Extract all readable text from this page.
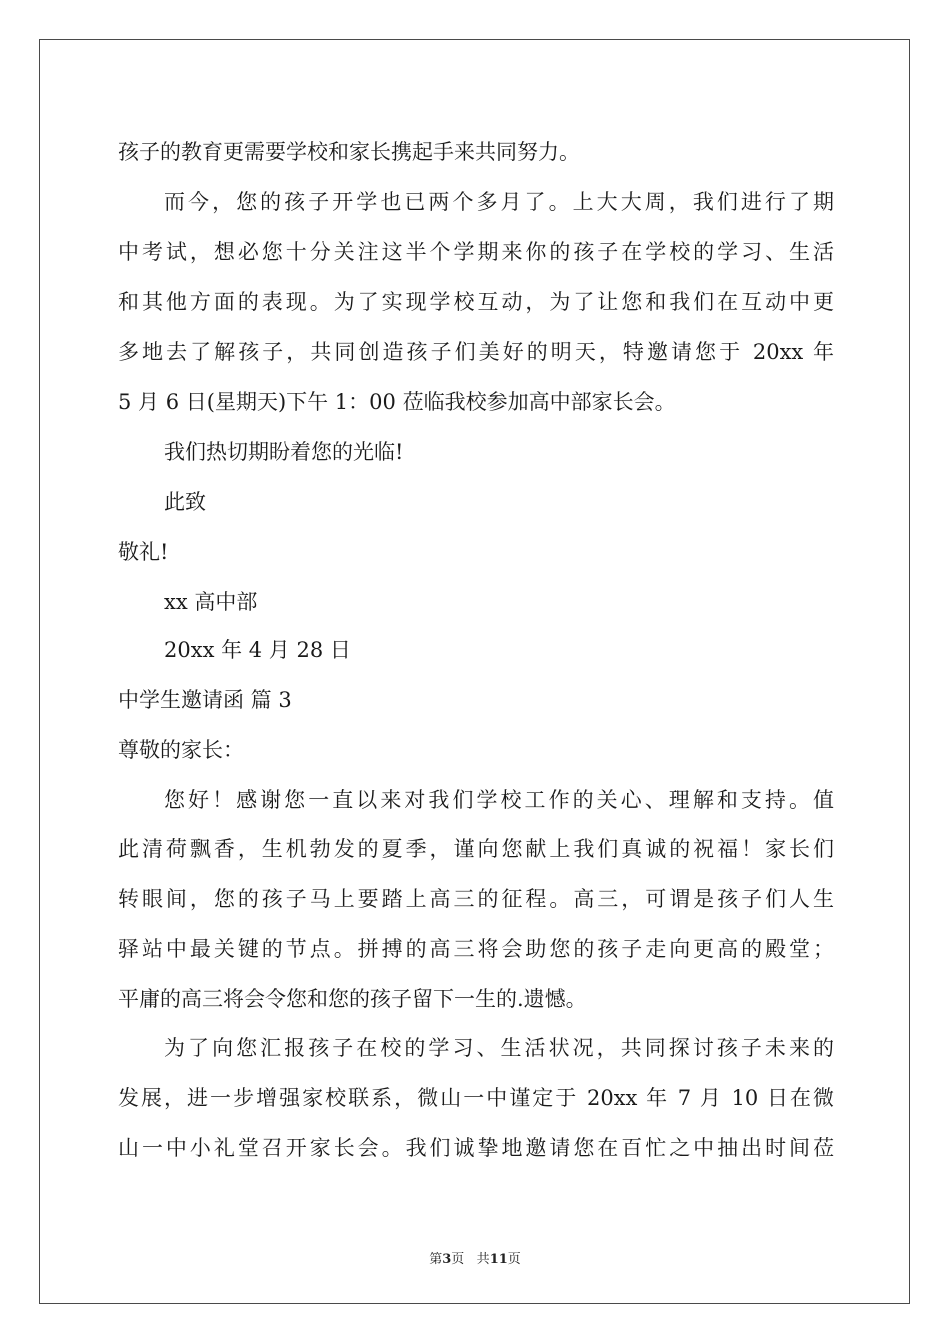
孩子的教育更需要学校和家长携起手来共同努力。
而今，您的孩子开学也已两个多月了。上大大周，我们进行了期
中考试，想必您十分关注这半个学期来你的孩子在学校的学习、生活
和其他方面的表现。为了实现学校互动，为了让您和我们在互动中更
多地去了解孩子，共同创造孩子们美好的明天，特邀请您于 20xx 年
5 月 6 日(星期天)下午 1：00 莅临我校参加高中部家长会。
我们热切期盼着您的光临!
此致
敬礼!
xx 高中部
20xx 年 4 月 28 日
中学生邀请函 篇 3
尊敬的家长：
您好！感谢您一直以来对我们学校工作的关心、理解和支持。值
此清荷飘香，生机勃发的夏季，谨向您献上我们真诚的祝福！家长们
转眼间，您的孩子马上要踏上高三的征程。高三，可谓是孩子们人生
驿站中最关键的节点。拼搏的高三将会助您的孩子走向更高的殿堂；
平庸的高三将会令您和您的孩子留下一生的.遗憾。
为了向您汇报孩子在校的学习、生活状况，共同探讨孩子未来的
发展，进一步增强家校联系，微山一中谨定于 20xx 年 7 月 10 日在微
山一中小礼堂召开家长会。我们诚挚地邀请您在百忙之中抽出时间莅
第3页 共11页
